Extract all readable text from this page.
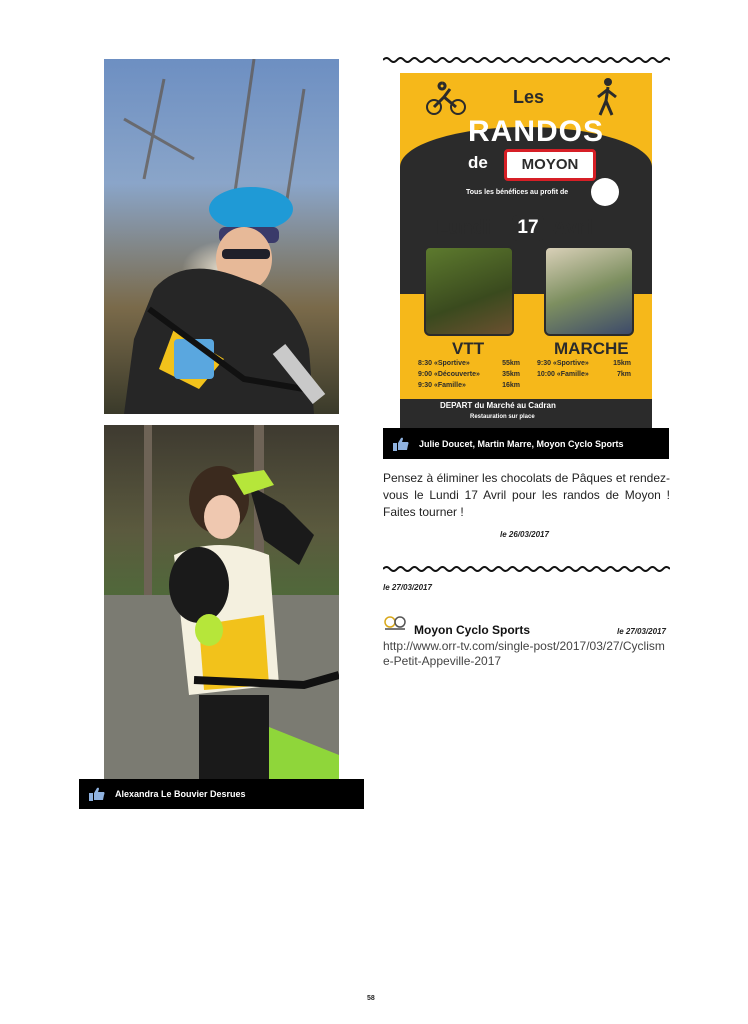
Alexandra Le Bouvier Desrues
Les
RANDOS
de	MOYON
Tous les bénéfices au profit de
Lundi 17 Avril
VTT	MARCHE
8:30 «Sportive»	55km
9:00 «Découverte»	35km
9:30 «Famille»	16km
9:30 «Sportive»	15km
10:00 «Famille»	7km
DEPART du Marché au Cadran
Restauration sur place
Julie Doucet, Martin Marre, Moyon Cyclo Sports
Pensez à éliminer les chocolats de Pâques et rendez-vous le Lundi 17 Avril pour les randos de Moyon ! Faites tourner !
le 26/03/2017
le 27/03/2017
Moyon Cyclo Sports	le 27/03/2017
http://www.orr-tv.com/single-post/2017/03/27/Cyclisme-Petit-Appeville-2017
58
